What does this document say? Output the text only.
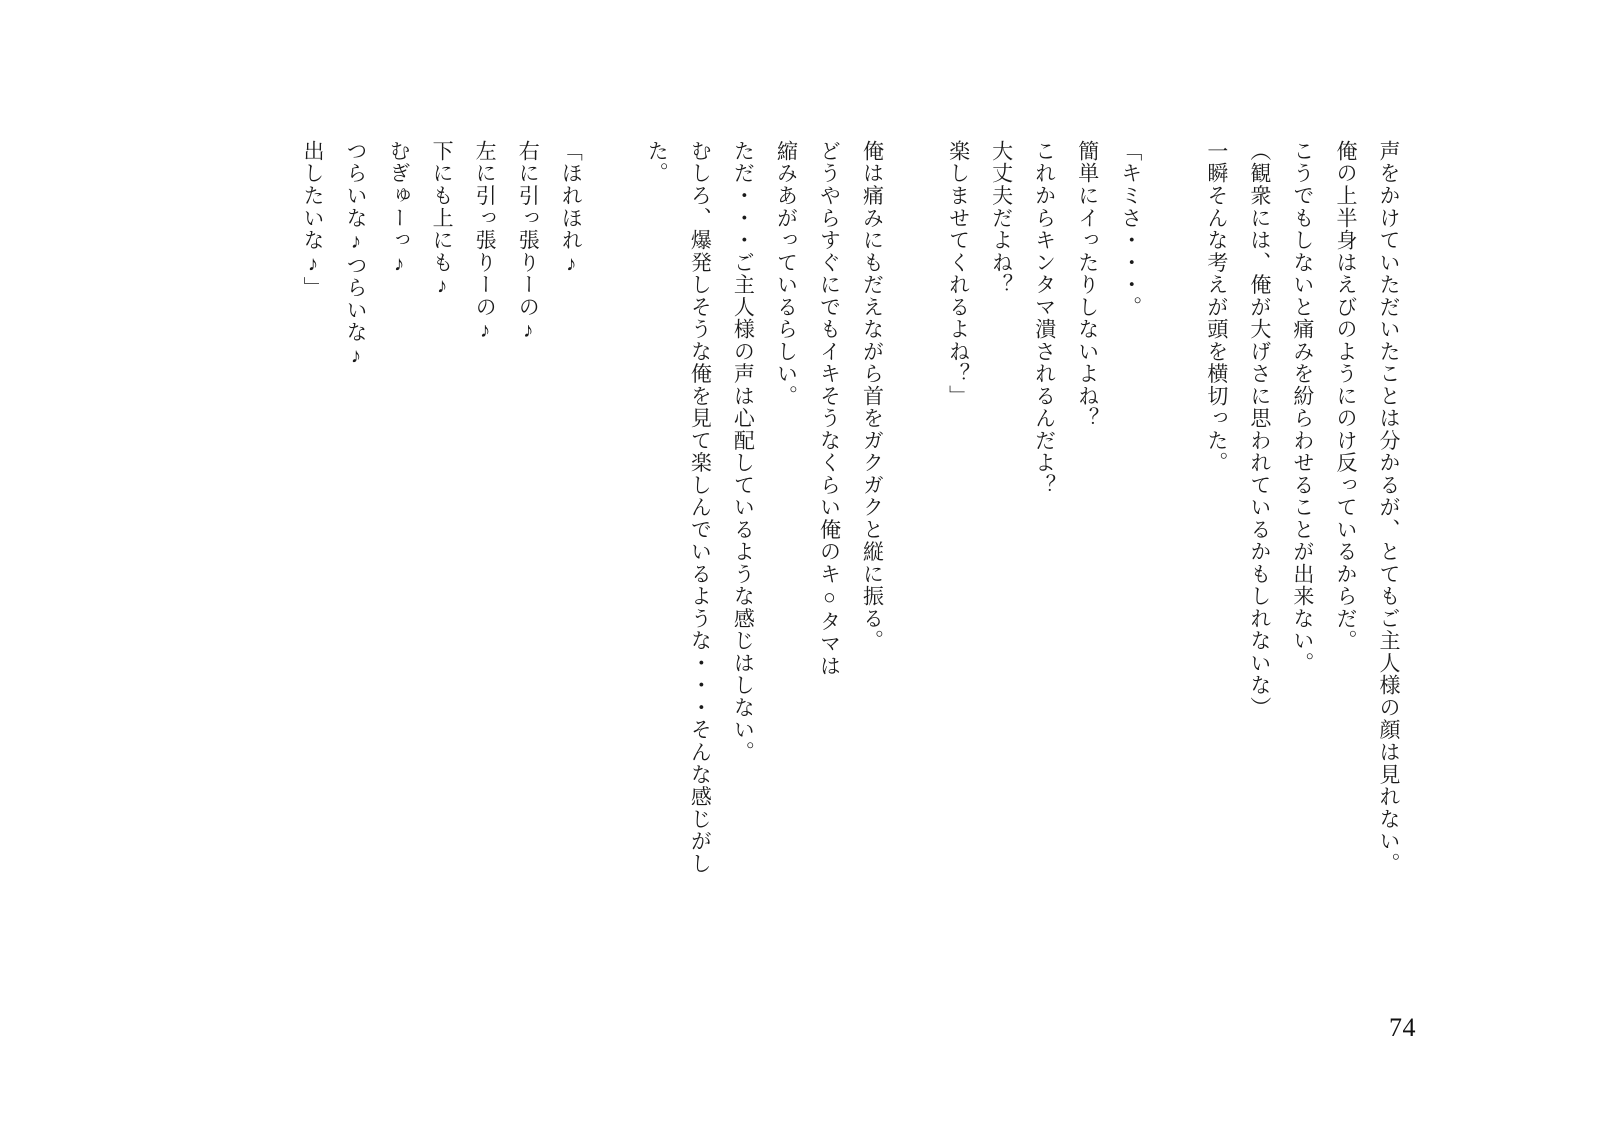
声をかけていただいたことは分かるが、とてもご主人様の顔は見れない。
俺の上半身はえびのようにのけ反っているからだ。
こうでもしないと痛みを紛らわせることが出来ない。
（観衆には、俺が大げさに思われているかもしれないな）
一瞬そんな考えが頭を横切った。
「キミさ・・・。
簡単にイったりしないよね？
これからキンタマ潰されるんだよ？
大丈夫だよね？
楽しませてくれるよね？」
俺は痛みにもだえながら首をガクガクと縦に振る。
どうやらすぐにでもイキそうなくらい俺のキ○タマは
縮みあがっているらしい。
ただ・・・ご主人様の声は心配しているような感じはしない。
むしろ、爆発しそうな俺を見て楽しんでいるような・・・そんな感じがした。
「ほれほれ♪
右に引っ張りーの♪
左に引っ張りーの♪
下にも上にも♪
むぎゅーっ♪
つらいな♪つらいな♪
出したいな♪」
74
